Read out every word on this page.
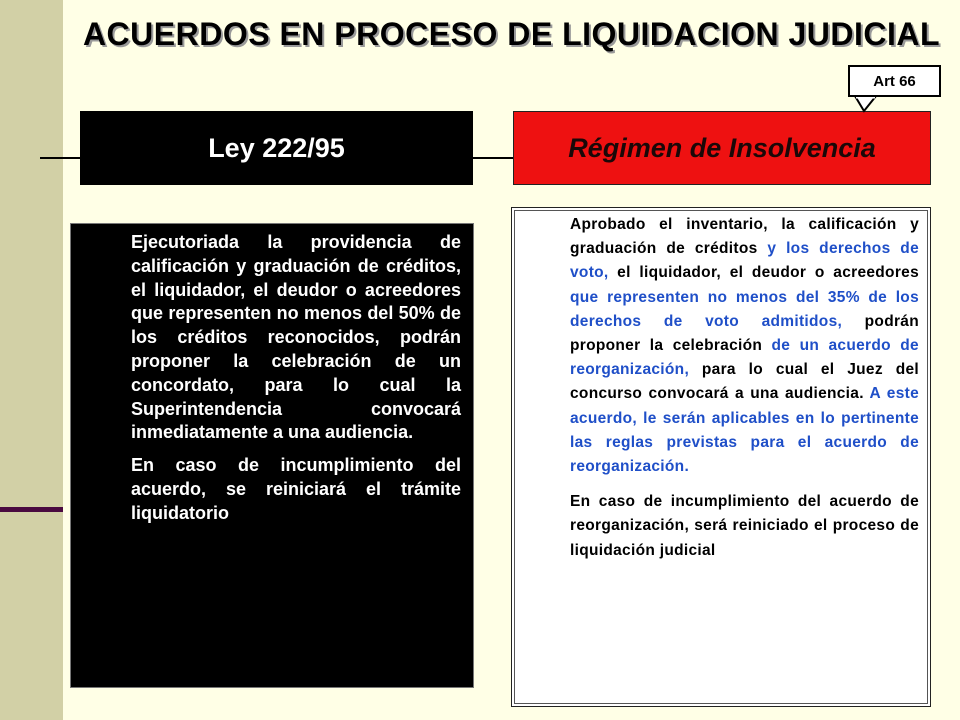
ACUERDOS EN PROCESO DE LIQUIDACION JUDICIAL
Ley 222/95	Régimen de Insolvencia
Art 66

Ejecutoriada la providencia de calificación y graduación de créditos, el liquidador, el deudor o acreedores que representen no menos del 50% de los créditos reconocidos, podrán proponer la celebración de un concordato, para lo cual la Superintendencia convocará inmediatamente a una audiencia.

En caso de incumplimiento del acuerdo, se reiniciará el trámite liquidatorio

Aprobado el inventario, la calificación y graduación de créditos y los derechos de voto, el liquidador, el deudor o acreedores que representen no menos del 35% de los derechos de voto admitidos, podrán proponer la celebración de un acuerdo de reorganización, para lo cual el Juez del concurso convocará a una audiencia. A este acuerdo, le serán aplicables en lo pertinente las reglas previstas para el acuerdo de reorganización.

En caso de incumplimiento del acuerdo de reorganización, será reiniciado el proceso de liquidación judicial
